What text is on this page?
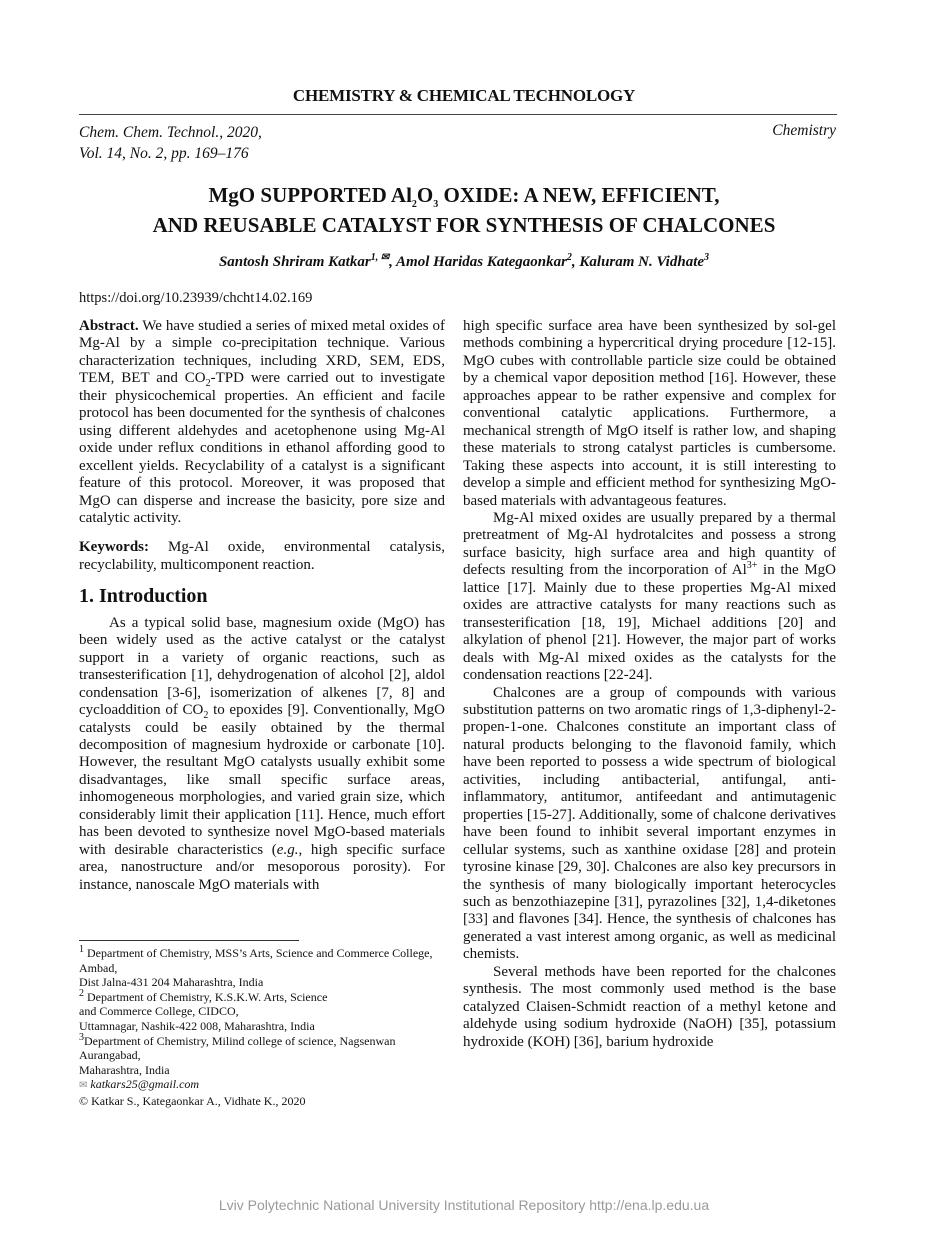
CHEMISTRY & CHEMICAL TECHNOLOGY
Chem. Chem. Technol., 2020,
Vol. 14, No. 2, pp. 169–176
Chemistry
MgO SUPPORTED $Al_2O_3$ OXIDE: A NEW, EFFICIENT,
AND REUSABLE CATALYST FOR SYNTHESIS OF CHALCONES
Santosh Shriram Katkar$^{1, ✉}$, Amol Haridas Kategaonkar$^2$, Kaluram N. Vidhate$^3$
https://doi.org/10.23939/chcht14.02.169

Abstract. We have studied a series of mixed metal oxides of Mg-Al by a simple co-precipitation technique. Various characterization techniques, including XRD, SEM, EDS, TEM, BET and $CO_2$-TPD were carried out to investigate their physicochemical properties. An efficient and facile protocol has been documented for the synthesis of chalcones using different aldehydes and acetophenone using Mg-Al oxide under reflux conditions in ethanol affording good to excellent yields. Recyclability of a catalyst is a significant feature of this protocol. Moreover, it was proposed that MgO can disperse and increase the basicity, pore size and catalytic activity.

Keywords: Mg-Al oxide, environmental catalysis, recyclability, multicomponent reaction.

1. Introduction

As a typical solid base, magnesium oxide (MgO) has been widely used as the active catalyst or the catalyst support in a variety of organic reactions, such as transesterification [1], dehydrogenation of alcohol [2], aldol condensation [3-6], isomerization of alkenes [7, 8] and cycloaddition of $CO_2$ to epoxides [9]. Conventionally, MgO catalysts could be easily obtained by the thermal decomposition of magnesium hydroxide or carbonate [10]. However, the resultant MgO catalysts usually exhibit some disadvantages, like small specific surface areas, inhomogeneous morphologies, and varied grain size, which considerably limit their application [11]. Hence, much effort has been devoted to synthesize novel MgO-based materials with desirable characteristics (e.g., high specific surface area, nanostructure and/or mesoporous porosity). For instance, nanoscale MgO materials with

high specific surface area have been synthesized by sol-gel methods combining a hypercritical drying procedure [12-15]. MgO cubes with controllable particle size could be obtained by a chemical vapor deposition method [16]. However, these approaches appear to be rather expensive and complex for conventional catalytic applications. Furthermore, a mechanical strength of MgO itself is rather low, and shaping these materials to strong catalyst particles is cumbersome. Taking these aspects into account, it is still interesting to develop a simple and efficient method for synthesizing MgO-based materials with advantageous features.

Mg-Al mixed oxides are usually prepared by a thermal pretreatment of Mg-Al hydrotalcites and possess a strong surface basicity, high surface area and high quantity of defects resulting from the incorporation of $Al^{3+}$ in the MgO lattice [17]. Mainly due to these properties Mg-Al mixed oxides are attractive catalysts for many reactions such as transesterification [18, 19], Michael additions [20] and alkylation of phenol [21]. However, the major part of works deals with Mg-Al mixed oxides as the catalysts for the condensation reactions [22-24].

Chalcones are a group of compounds with various substitution patterns on two aromatic rings of 1,3-diphenyl-2-propen-1-one. Chalcones constitute an important class of natural products belonging to the flavonoid family, which have been reported to possess a wide spectrum of biological activities, including antibacterial, antifungal, anti-inflammatory, antitumor, antifeedant and antimutagenic properties [15-27]. Additionally, some of chalcone derivatives have been found to inhibit several important enzymes in cellular systems, such as xanthine oxidase [28] and protein tyrosine kinase [29, 30]. Chalcones are also key precursors in the synthesis of many biologically important heterocycles such as benzothiazepine [31], pyrazolines [32], 1,4-diketones [33] and flavones [34]. Hence, the synthesis of chalcones has generated a vast interest among organic, as well as medicinal chemists.

Several methods have been reported for the chalcones synthesis. The most commonly used method is the base catalyzed Claisen-Schmidt reaction of a methyl ketone and aldehyde using sodium hydroxide (NaOH) [35], potassium hydroxide (KOH) [36], barium hydroxide

$^1$ Department of Chemistry, MSS’s Arts, Science and Commerce College, Ambad,
Dist Jalna-431 204 Maharashtra, India
$^2$ Department of Chemistry, K.S.K.W. Arts, Science
and Commerce College, CIDCO,
Uttamnagar, Nashik-422 008, Maharashtra, India
$^3$Department of Chemistry, Milind college of science, Nagsenwan Aurangabad,
Maharashtra, India
✉ katkars25@gmail.com
© Katkar S., Kategaonkar A., Vidhate K., 2020
Lviv Polytechnic National University Institutional Repository http://ena.lp.edu.ua
